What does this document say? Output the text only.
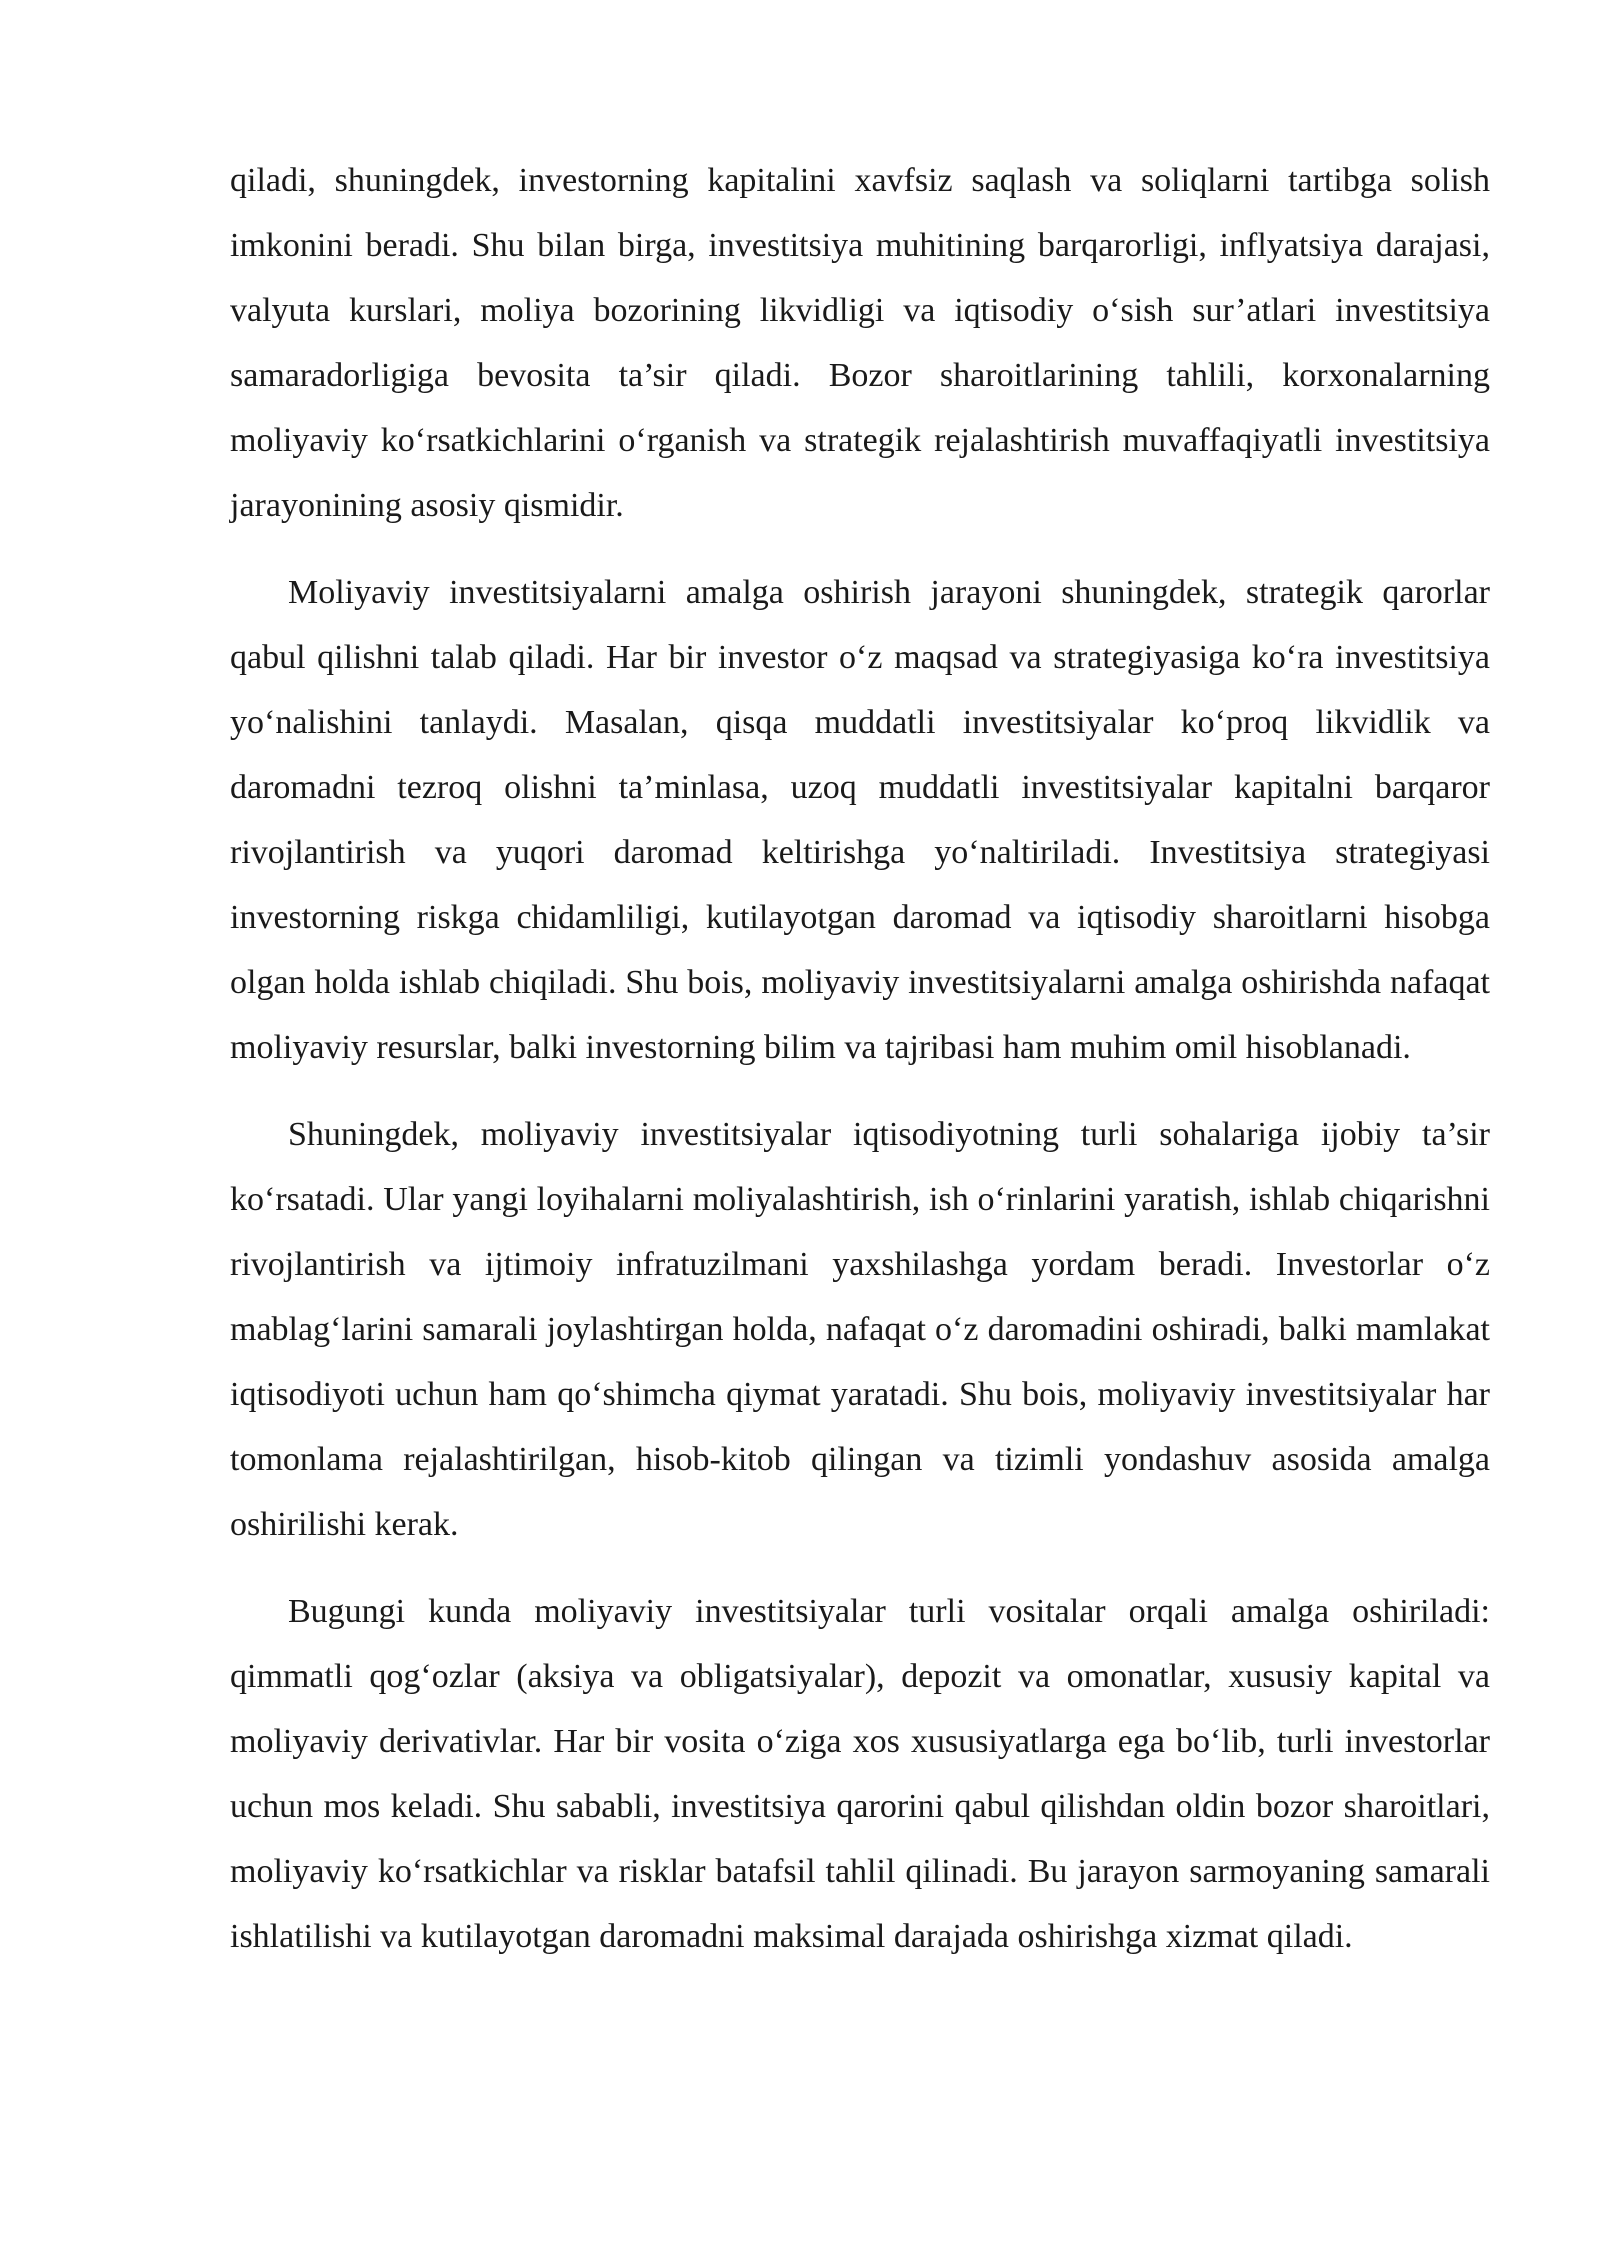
qiladi, shuningdek, investorning kapitalini xavfsiz saqlash va soliqlarni tartibga solish imkonini beradi. Shu bilan birga, investitsiya muhitining barqarorligi, inflyatsiya darajasi, valyuta kurslari, moliya bozorining likvidligi va iqtisodiy o‘sish sur’atlari investitsiya samaradorligiga bevosita ta’sir qiladi. Bozor sharoitlarining tahlili, korxonalarning moliyaviy ko‘rsatkichlarini o‘rganish va strategik rejalashtirish muvaffaqiyatli investitsiya jarayonining asosiy qismidir.

Moliyaviy investitsiyalarni amalga oshirish jarayoni shuningdek, strategik qarorlar qabul qilishni talab qiladi. Har bir investor o‘z maqsad va strategiyasiga ko‘ra investitsiya yo‘nalishini tanlaydi. Masalan, qisqa muddatli investitsiyalar ko‘proq likvidlik va daromadni tezroq olishni ta’minlasa, uzoq muddatli investitsiyalar kapitalni barqaror rivojlantirish va yuqori daromad keltirishga yo‘naltiriladi. Investitsiya strategiyasi investorning riskga chidamliligi, kutilayotgan daromad va iqtisodiy sharoitlarni hisobga olgan holda ishlab chiqiladi. Shu bois, moliyaviy investitsiyalarni amalga oshirishda nafaqat moliyaviy resurslar, balki investorning bilim va tajribasi ham muhim omil hisoblanadi.

Shuningdek, moliyaviy investitsiyalar iqtisodiyotning turli sohalariga ijobiy ta’sir ko‘rsatadi. Ular yangi loyihalarni moliyalashtirish, ish o‘rinlarini yaratish, ishlab chiqarishni rivojlantirish va ijtimoiy infratuzilmani yaxshilashga yordam beradi. Investorlar o‘z mablag‘larini samarali joylashtirgan holda, nafaqat o‘z daromadini oshiradi, balki mamlakat iqtisodiyoti uchun ham qo‘shimcha qiymat yaratadi. Shu bois, moliyaviy investitsiyalar har tomonlama rejalashtirilgan, hisob-kitob qilingan va tizimli yondashuv asosida amalga oshirilishi kerak.

Bugungi kunda moliyaviy investitsiyalar turli vositalar orqali amalga oshiriladi: qimmatli qog‘ozlar (aksiya va obligatsiyalar), depozit va omonatlar, xususiy kapital va moliyaviy derivativlar. Har bir vosita o‘ziga xos xususiyatlarga ega bo‘lib, turli investorlar uchun mos keladi. Shu sababli, investitsiya qarorini qabul qilishdan oldin bozor sharoitlari, moliyaviy ko‘rsatkichlar va risklar batafsil tahlil qilinadi. Bu jarayon sarmoyaning samarali ishlatilishi va kutilayotgan daromadni maksimal darajada oshirishga xizmat qiladi.
